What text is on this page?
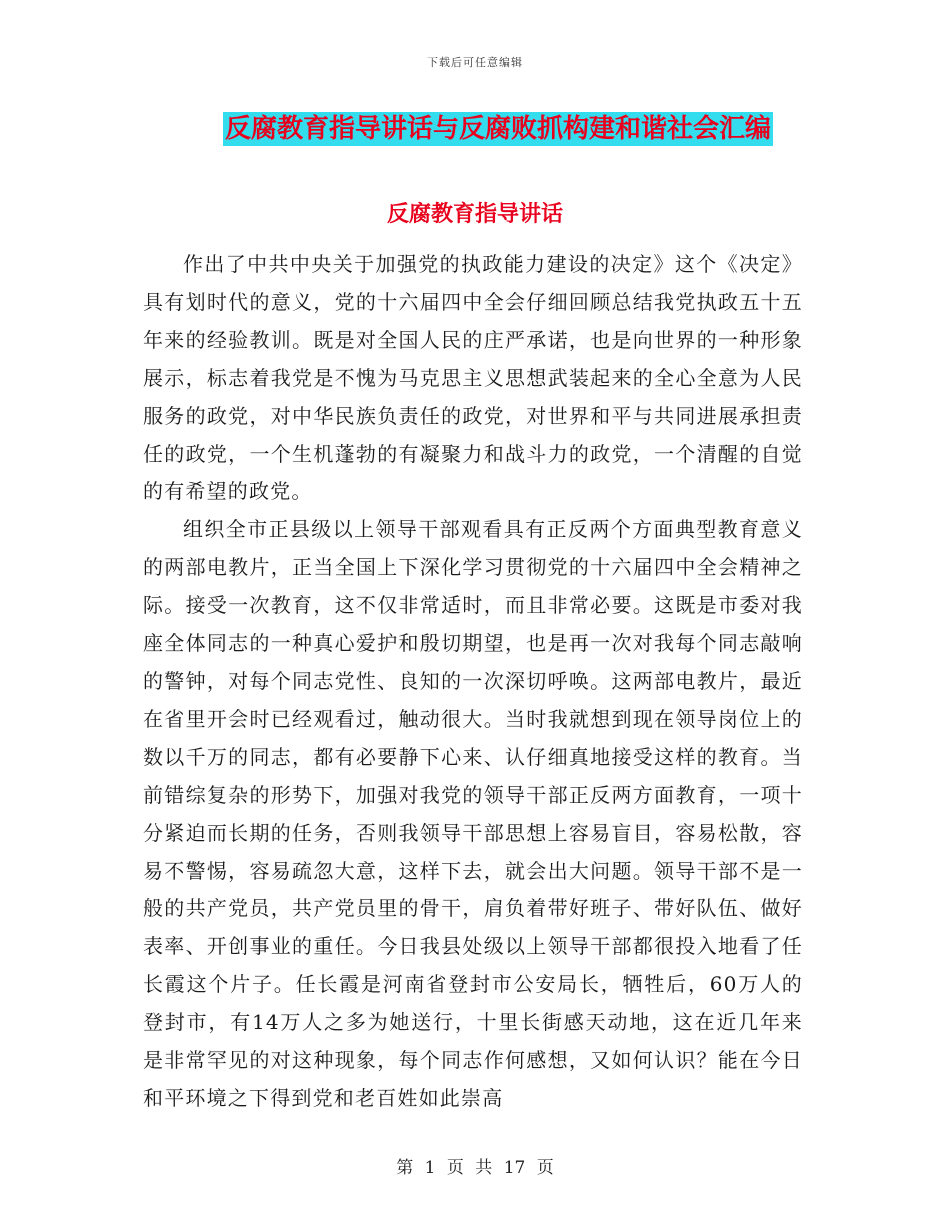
下载后可任意编辑
反腐教育指导讲话与反腐败抓构建和谐社会汇编
反腐教育指导讲话

作出了中共中央关于加强党的执政能力建设的决定》这个《决定》具有划时代的意义，党的十六届四中全会仔细回顾总结我党执政五十五年来的经验教训。既是对全国人民的庄严承诺，也是向世界的一种形象展示，标志着我党是不愧为马克思主义思想武装起来的全心全意为人民服务的政党，对中华民族负责任的政党，对世界和平与共同进展承担责任的政党，一个生机蓬勃的有凝聚力和战斗力的政党，一个清醒的自觉的有希望的政党。

组织全市正县级以上领导干部观看具有正反两个方面典型教育意义的两部电教片，正当全国上下深化学习贯彻党的十六届四中全会精神之际。接受一次教育，这不仅非常适时，而且非常必要。这既是市委对我座全体同志的一种真心爱护和殷切期望，也是再一次对我每个同志敲响的警钟，对每个同志党性、良知的一次深切呼唤。这两部电教片，最近在省里开会时已经观看过，触动很大。当时我就想到现在领导岗位上的数以千万的同志，都有必要静下心来、认仔细真地接受这样的教育。当前错综复杂的形势下，加强对我党的领导干部正反两方面教育，一项十分紧迫而长期的任务，否则我领导干部思想上容易盲目，容易松散，容易不警惕，容易疏忽大意，这样下去，就会出大问题。领导干部不是一般的共产党员，共产党员里的骨干，肩负着带好班子、带好队伍、做好表率、开创事业的重任。今日我县处级以上领导干部都很投入地看了任长霞这个片子。任长霞是河南省登封市公安局长，牺牲后，60万人的登封市，有14万人之多为她送行，十里长街感天动地，这在近几年来是非常罕见的对这种现象，每个同志作何感想，又如何认识？能在今日和平环境之下得到党和老百姓如此崇高

第 1 页 共 17 页
